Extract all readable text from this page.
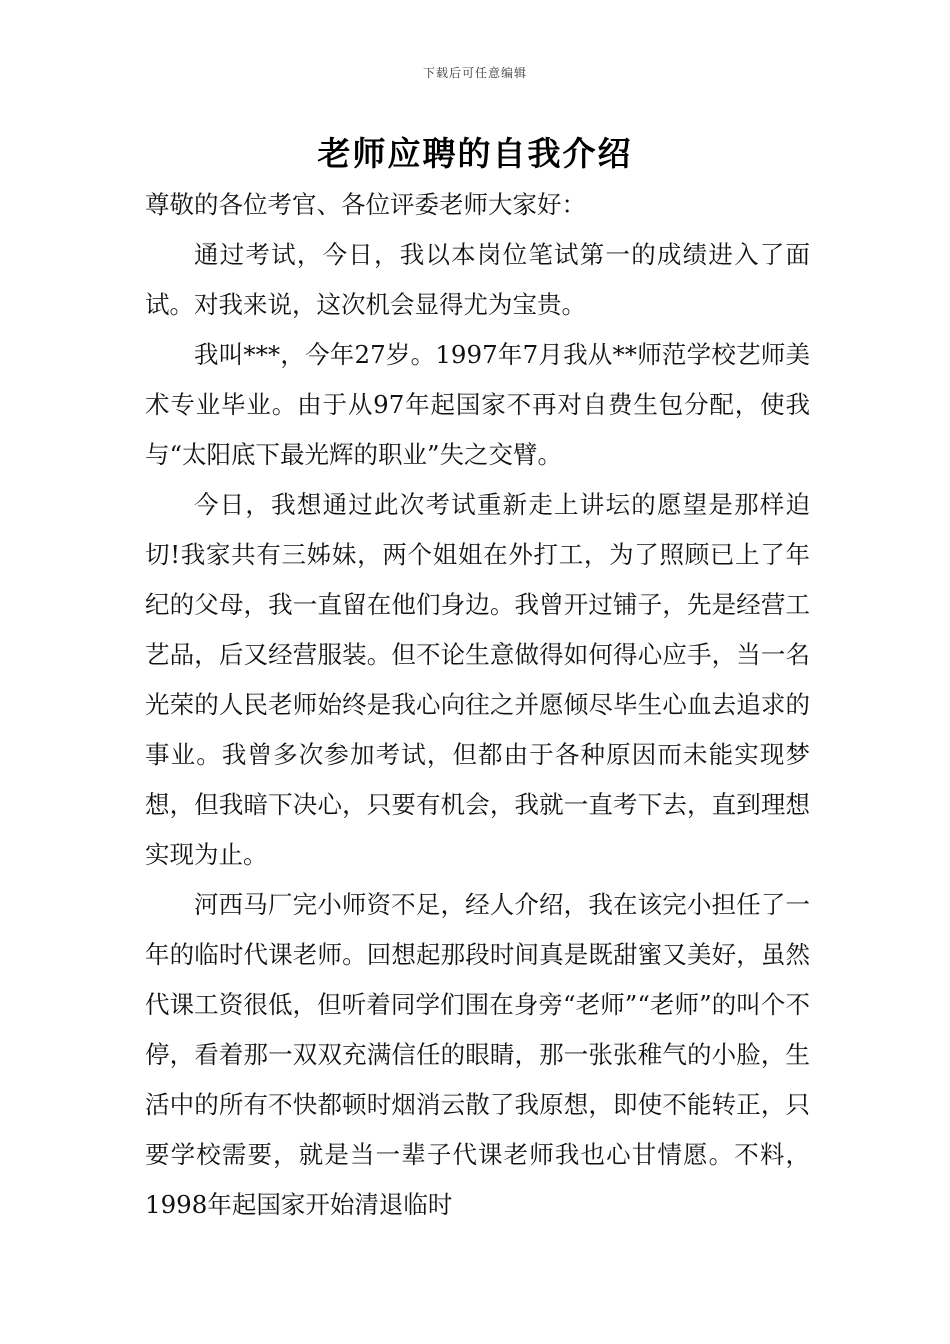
下载后可任意编辑
老师应聘的自我介绍

尊敬的各位考官、各位评委老师大家好：

通过考试，今日，我以本岗位笔试第一的成绩进入了面试。对我来说，这次机会显得尤为宝贵。

我叫***，今年27岁。1997年7月我从**师范学校艺师美术专业毕业。由于从97年起国家不再对自费生包分配，使我与“太阳底下最光辉的职业”失之交臂。

今日，我想通过此次考试重新走上讲坛的愿望是那样迫切!我家共有三姊妹，两个姐姐在外打工，为了照顾已上了年纪的父母，我一直留在他们身边。我曾开过铺子，先是经营工艺品，后又经营服装。但不论生意做得如何得心应手，当一名光荣的人民老师始终是我心向往之并愿倾尽毕生心血去追求的事业。我曾多次参加考试，但都由于各种原因而未能实现梦想，但我暗下决心，只要有机会，我就一直考下去，直到理想实现为止。

河西马厂完小师资不足，经人介绍，我在该完小担任了一年的临时代课老师。回想起那段时间真是既甜蜜又美好，虽然代课工资很低，但听着同学们围在身旁“老师”“老师”的叫个不停，看着那一双双充满信任的眼睛，那一张张稚气的小脸，生活中的所有不快都顿时烟消云散了我原想，即使不能转正，只要学校需要，就是当一辈子代课老师我也心甘情愿。不料，1998年起国家开始清退临时
